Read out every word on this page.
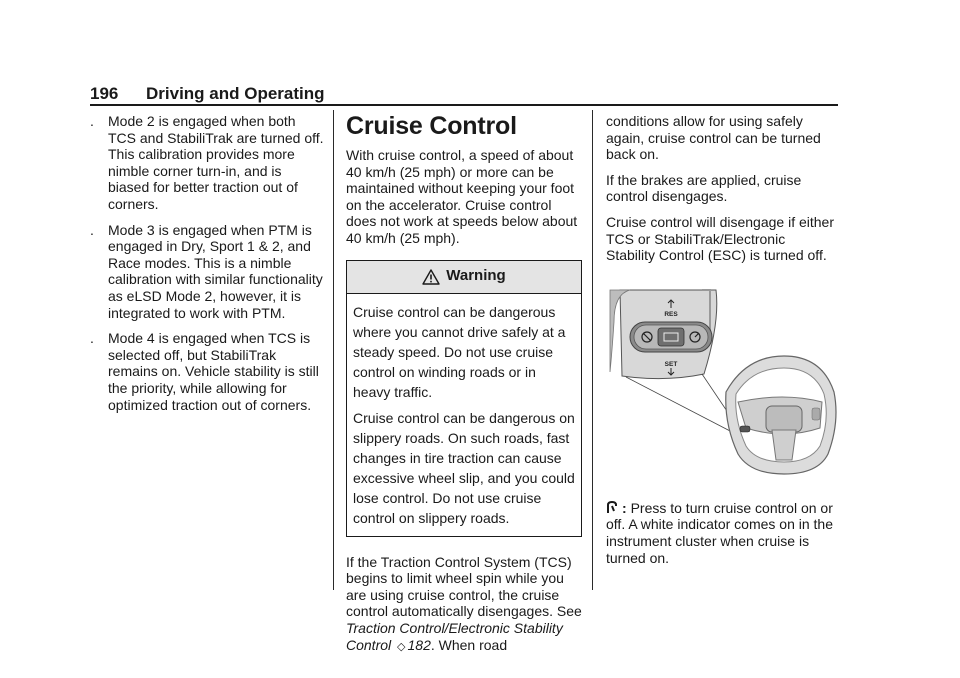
196 Driving and Operating
. Mode 2 is engaged when both TCS and StabiliTrak are turned off. This calibration provides more nimble corner turn-in, and is biased for better traction out of corners.
. Mode 3 is engaged when PTM is engaged in Dry, Sport 1 & 2, and Race modes. This is a nimble calibration with similar functionality as eLSD Mode 2, however, it is integrated to work with PTM.
. Mode 4 is engaged when TCS is selected off, but StabiliTrak remains on. Vehicle stability is still the priority, while allowing for optimized traction out of corners.
Cruise Control

With cruise control, a speed of about 40 km/h (25 mph) or more can be maintained without keeping your foot on the accelerator. Cruise control does not work at speeds below about 40 km/h (25 mph).

Warning

Cruise control can be dangerous where you cannot drive safely at a steady speed. Do not use cruise control on winding roads or in heavy traffic.

Cruise control can be dangerous on slippery roads. On such roads, fast changes in tire traction can cause excessive wheel slip, and you could lose control. Do not use cruise control on slippery roads.

If the Traction Control System (TCS) begins to limit wheel spin while you are using cruise control, the cruise control automatically disengages. See Traction Control/Electronic Stability Control ◇ 182. When road

conditions allow for using safely again, cruise control can be turned back on.

If the brakes are applied, cruise control disengages.

Cruise control will disengage if either TCS or StabiliTrak/Electronic Stability Control (ESC) is turned off.

RES
SET

: Press to turn cruise control on or off. A white indicator comes on in the instrument cluster when cruise is turned on.
